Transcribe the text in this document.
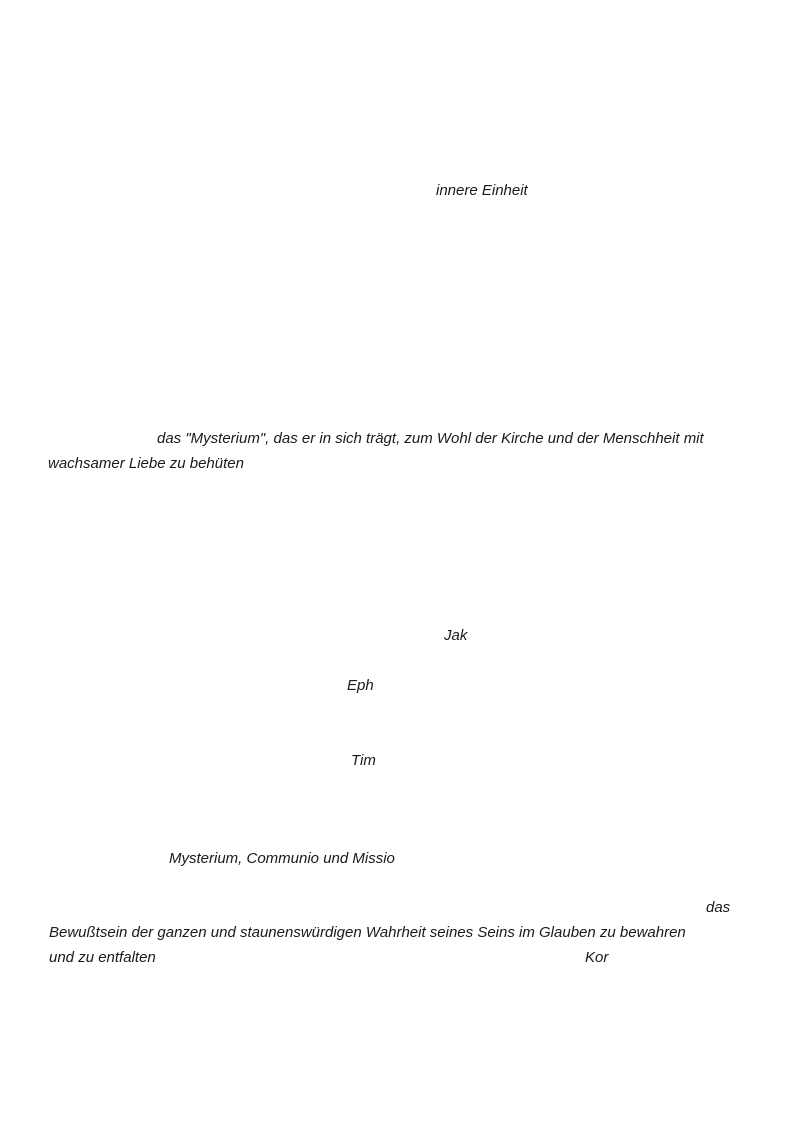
innere Einheit
das "Mysterium", das er in sich trägt, zum Wohl der Kirche und der Menschheit mit
wachsamer Liebe zu behüten
Jak
Eph
Tim
Mysterium, Communio und Missio
das
Bewußtsein der ganzen und staunenswürdigen Wahrheit seines Seins im Glauben zu bewahren
und zu entfalten	Kor
